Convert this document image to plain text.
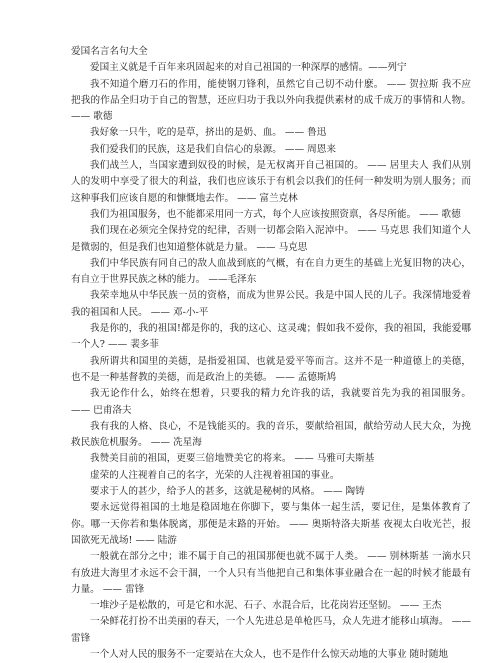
爱国名言名句大全

爱国主义就是千百年来巩固起来的对自己祖国的一种深厚的感情。——列宁

我不知道个磨刀石的作用，能使钢刀锋利，虽然它自己切不动什麽。 —— 贺拉斯 我不应把我的作品全归功于自己的智慧，还应归功于我以外向我提供素材的成千成万的事情和人物。 —— 歌德

我好象一只牛，吃的是草，挤出的是奶、血。 —— 鲁迅

我们爱我们的民族，这是我们自信心的泉源。 —— 周恩来

我们战兰人，当国家遭到奴役的时候，是无权离开自己祖国的。 —— 居里夫人 我们从别人的发明中享受了很大的利益，我们也应该乐于有机会以我们的任何一种发明为别人服务；而这种事我们应该自愿的和慷慨地去作。 —— 富兰克林

我们为祖国服务，也不能都采用同一方式，每个人应该按照资禀，各尽所能。 —— 歌德

我们现在必须完全保持党的纪律，否则一切都会陷入泥淖中。 —— 马克思 我们知道个人是微弱的，但是我们也知道整体就是力量。 —— 马克思

我们中华民族有同自己的敌人血战到底的气概，有在自力更生的基础上光复旧物的决心，有自立于世界民族之林的能力。 ——毛泽东

我荣幸地从中华民族一员的资格，而成为世界公民。我是中国人民的儿子。我深情地爱着我的祖国和人民。 —— 邓-小-平

我是你的，我的祖国!都是你的，我的这心、这灵魂；假如我不爱你，我的祖国，我能爱哪一个人? —— 裴多菲

我所谓共和国里的美德，是指爱祖国、也就是爱平等而言。这并不是一种道德上的美德，也不是一种基督教的美德，而是政治上的美德。 —— 孟德斯鸠

我无论作什么，始终在想着，只要我的精力允许我的话，我就要首先为我的祖国服务。 —— 巴甫洛夫

我有我的人格、良心，不是钱能买的。我的音乐，要献给祖国，献给劳动人民大众，为挽救民族危机服务。 —— 冼星海

我赞美目前的祖国，更要三倍地赞美它的将来。 —— 马雅可夫斯基

虚荣的人注视着自己的名字，光荣的人注视着祖国的事业。

要求于人的甚少，给予人的甚多，这就是秘树的风格。 —— 陶铸

要永远觉得祖国的土地是稳固地在你脚下，要与集体一起生活，要记住，是集体教育了你。哪一天你若和集体脱离，那便是末路的开始。 —— 奥斯特洛夫斯基 夜视太白收光芒，报国欲死无战场! —— 陆游

一般就在部分之中；谁不属于自己的祖国那便也就不属于人类。 —— 别林斯基 一滴水只有放进大海里才永远不会干涸，一个人只有当他把自己和集体事业融合在一起的时候才能最有力量。 —— 雷锋

一堆沙子是松散的，可是它和水泥、石子、水混合后，比花岗岩还坚韧。 —— 王杰

一朵鲜花打扮不出美丽的春天，一个人先进总是单枪匹马，众人先进才能移山填海。 —— 雷锋

一个人对人民的服务不一定要站在大众人，也不是作什么惊天动地的大事业 随时随地
